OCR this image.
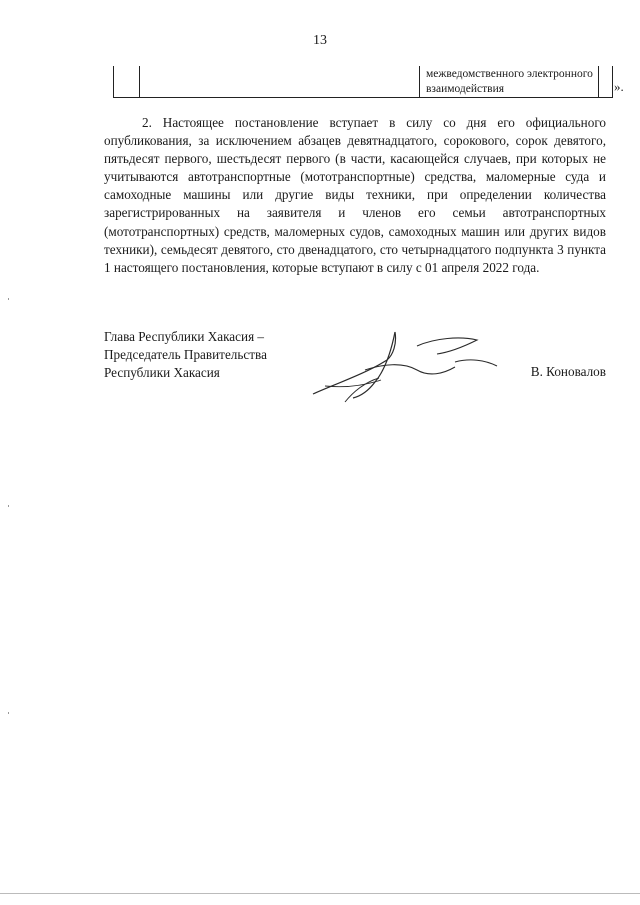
13
межведомственного электронного взаимодействия	».

2. Настоящее постановление вступает в силу со дня его официального опубликования, за исключением абзацев девятнадцатого, сорокового, сорок девятого, пятьдесят первого, шестьдесят первого (в части, касающейся случаев, при которых не учитываются автотранспортные (мототранспортные) средства, маломерные суда и самоходные машины или другие виды техники, при определении количества зарегистрированных на заявителя и членов его семьи автотранспортных (мототранспортных) средств, маломерных судов, самоходных машин или других видов техники), семьдесят девятого, сто двенадцатого, сто четырнадцатого подпункта 3 пункта 1 настоящего постановления, которые вступают в силу с 01 апреля 2022 года.

Глава Республики Хакасия –
Председатель Правительства
Республики Хакасия	В. Коновалов
